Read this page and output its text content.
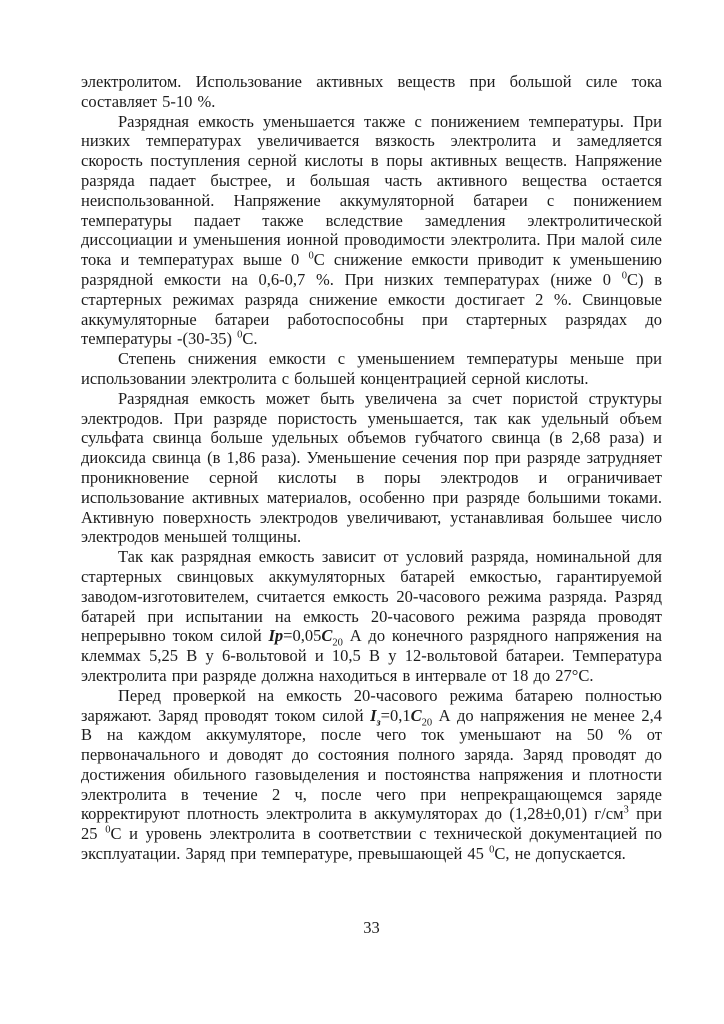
электролитом. Использование активных веществ при большой силе тока составляет 5-10 %.
Разрядная емкость уменьшается также с понижением температуры. При низких температурах увеличивается вязкость электролита и замедляется скорость поступления серной кислоты в поры активных веществ. Напряжение разряда падает быстрее, и большая часть активного вещества остается неиспользованной. Напряжение аккумуляторной батареи с понижением температуры падает также вследствие замедления электролитической диссоциации и уменьшения ионной проводимости электролита. При малой силе тока и температурах выше 0 $^0$С снижение емкости приводит к уменьшению разрядной емкости на 0,6-0,7 %. При низких температурах (ниже 0 $^0$С) в стартерных режимах разряда снижение емкости достигает 2 %. Свинцовые аккумуляторные батареи работоспособны при стартерных разрядах до температуры -(30-35) $^0$С.
Степень снижения емкости с уменьшением температуры меньше при использовании электролита с большей концентрацией серной кислоты.
Разрядная емкость может быть увеличена за счет пористой структуры электродов. При разряде пористость уменьшается, так как удельный объем сульфата свинца больше удельных объемов губчатого свинца (в 2,68 раза) и диоксида свинца (в 1,86 раза). Уменьшение сечения пор при разряде затрудняет проникновение серной кислоты в поры электродов и ограничивает использование активных материалов, особенно при разряде большими токами. Активную поверхность электродов увеличивают, устанавливая большее число электродов меньшей толщины.
Так как разрядная емкость зависит от условий разряда, номинальной для стартерных свинцовых аккумуляторных батарей емкостью, гарантируемой заводом-изготовителем, считается емкость 20-часового режима разряда. Разряд батарей при испытании на емкость 20-часового режима разряда проводят непрерывно током силой $Iр=0,05C_{20}$ А до конечного разрядного напряжения на клеммах 5,25 В у 6-вольтовой и 10,5 В у 12-вольтовой батареи. Температура электролита при разряде должна находиться в интервале от 18 до 27°С.
Перед проверкой на емкость 20-часового режима батарею полностью заряжают. Заряд проводят током силой $I_з=0,1C_{20}$ А до напряжения не менее 2,4 В на каждом аккумуляторе, после чего ток уменьшают на 50 % от первоначального и доводят до состояния полного заряда. Заряд проводят до достижения обильного газовыделения и постоянства напряжения и плотности электролита в течение 2 ч, после чего при непрекращающемся заряде корректируют плотность электролита в аккумуляторах до (1,28±0,01) $г/см^3$ при 25 $^0$С и уровень электролита в соответствии с технической документацией по эксплуатации. Заряд при температуре, превышающей 45 $^0$С, не допускается.
33
